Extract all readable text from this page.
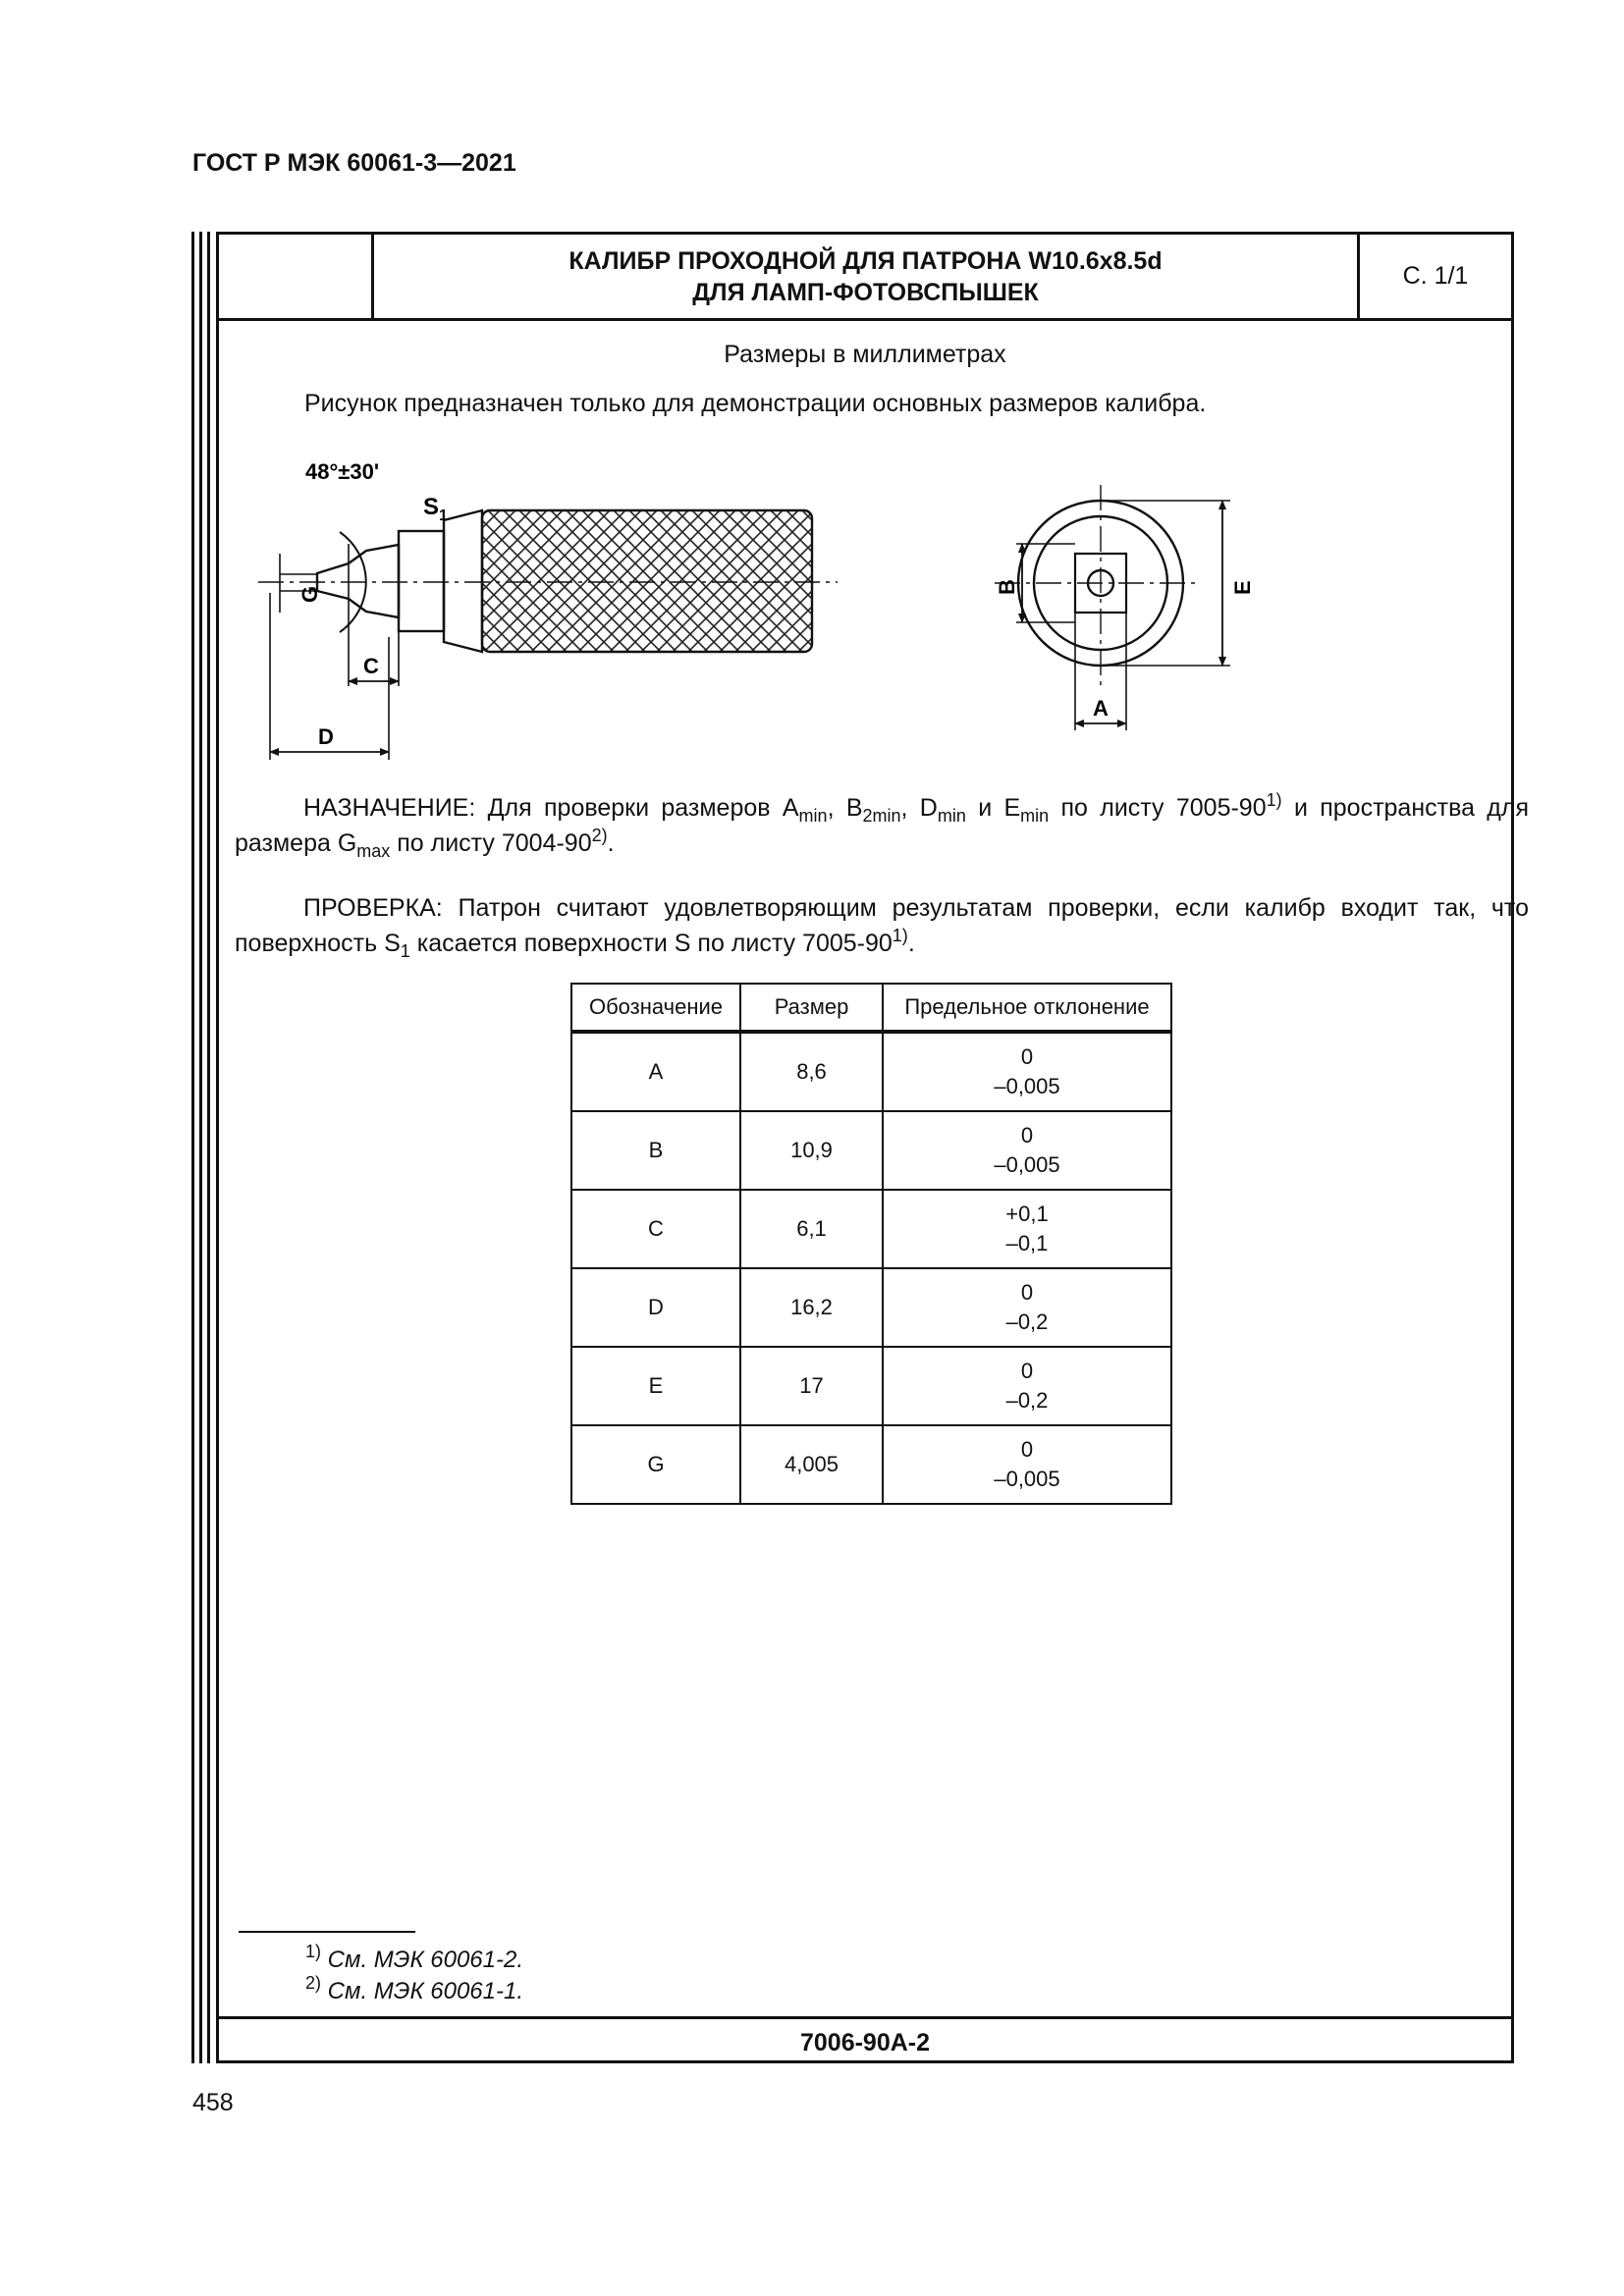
ГОСТ Р МЭК 60061-3—2021
КАЛИБР ПРОХОДНОЙ ДЛЯ ПАТРОНА W10.6x8.5d
ДЛЯ ЛАМП-ФОТОВСПЫШЕК
С. 1/1
Размеры в миллиметрах
Рисунок предназначен только для демонстрации основных размеров калибра.
48°±30'
$S_1$
G
C
D
B	E
A
НАЗНАЧЕНИЕ: Для проверки размеров $A_{min}$, $B_{2min}$, $D_{min}$ и $E_{min}$ по листу 7005-90$^{1)}$ и пространства для размера $G_{max}$ по листу 7004-90$^{2)}$.
ПРОВЕРКА: Патрон считают удовлетворяющим результатам проверки, если калибр входит так, что поверхность $S_1$ касается поверхности S по листу 7005-90$^{1)}$.
Обозначение	Размер	Предельное отклонение
A	8,6	0
–0,005
B	10,9	0
–0,005
C	6,1	+0,1
–0,1
D	16,2	0
–0,2
E	17	0
–0,2
G	4,005	0
–0,005
$^{1)}$ См. МЭК 60061-2.
$^{2)}$ См. МЭК 60061-1.
7006-90А-2
458
